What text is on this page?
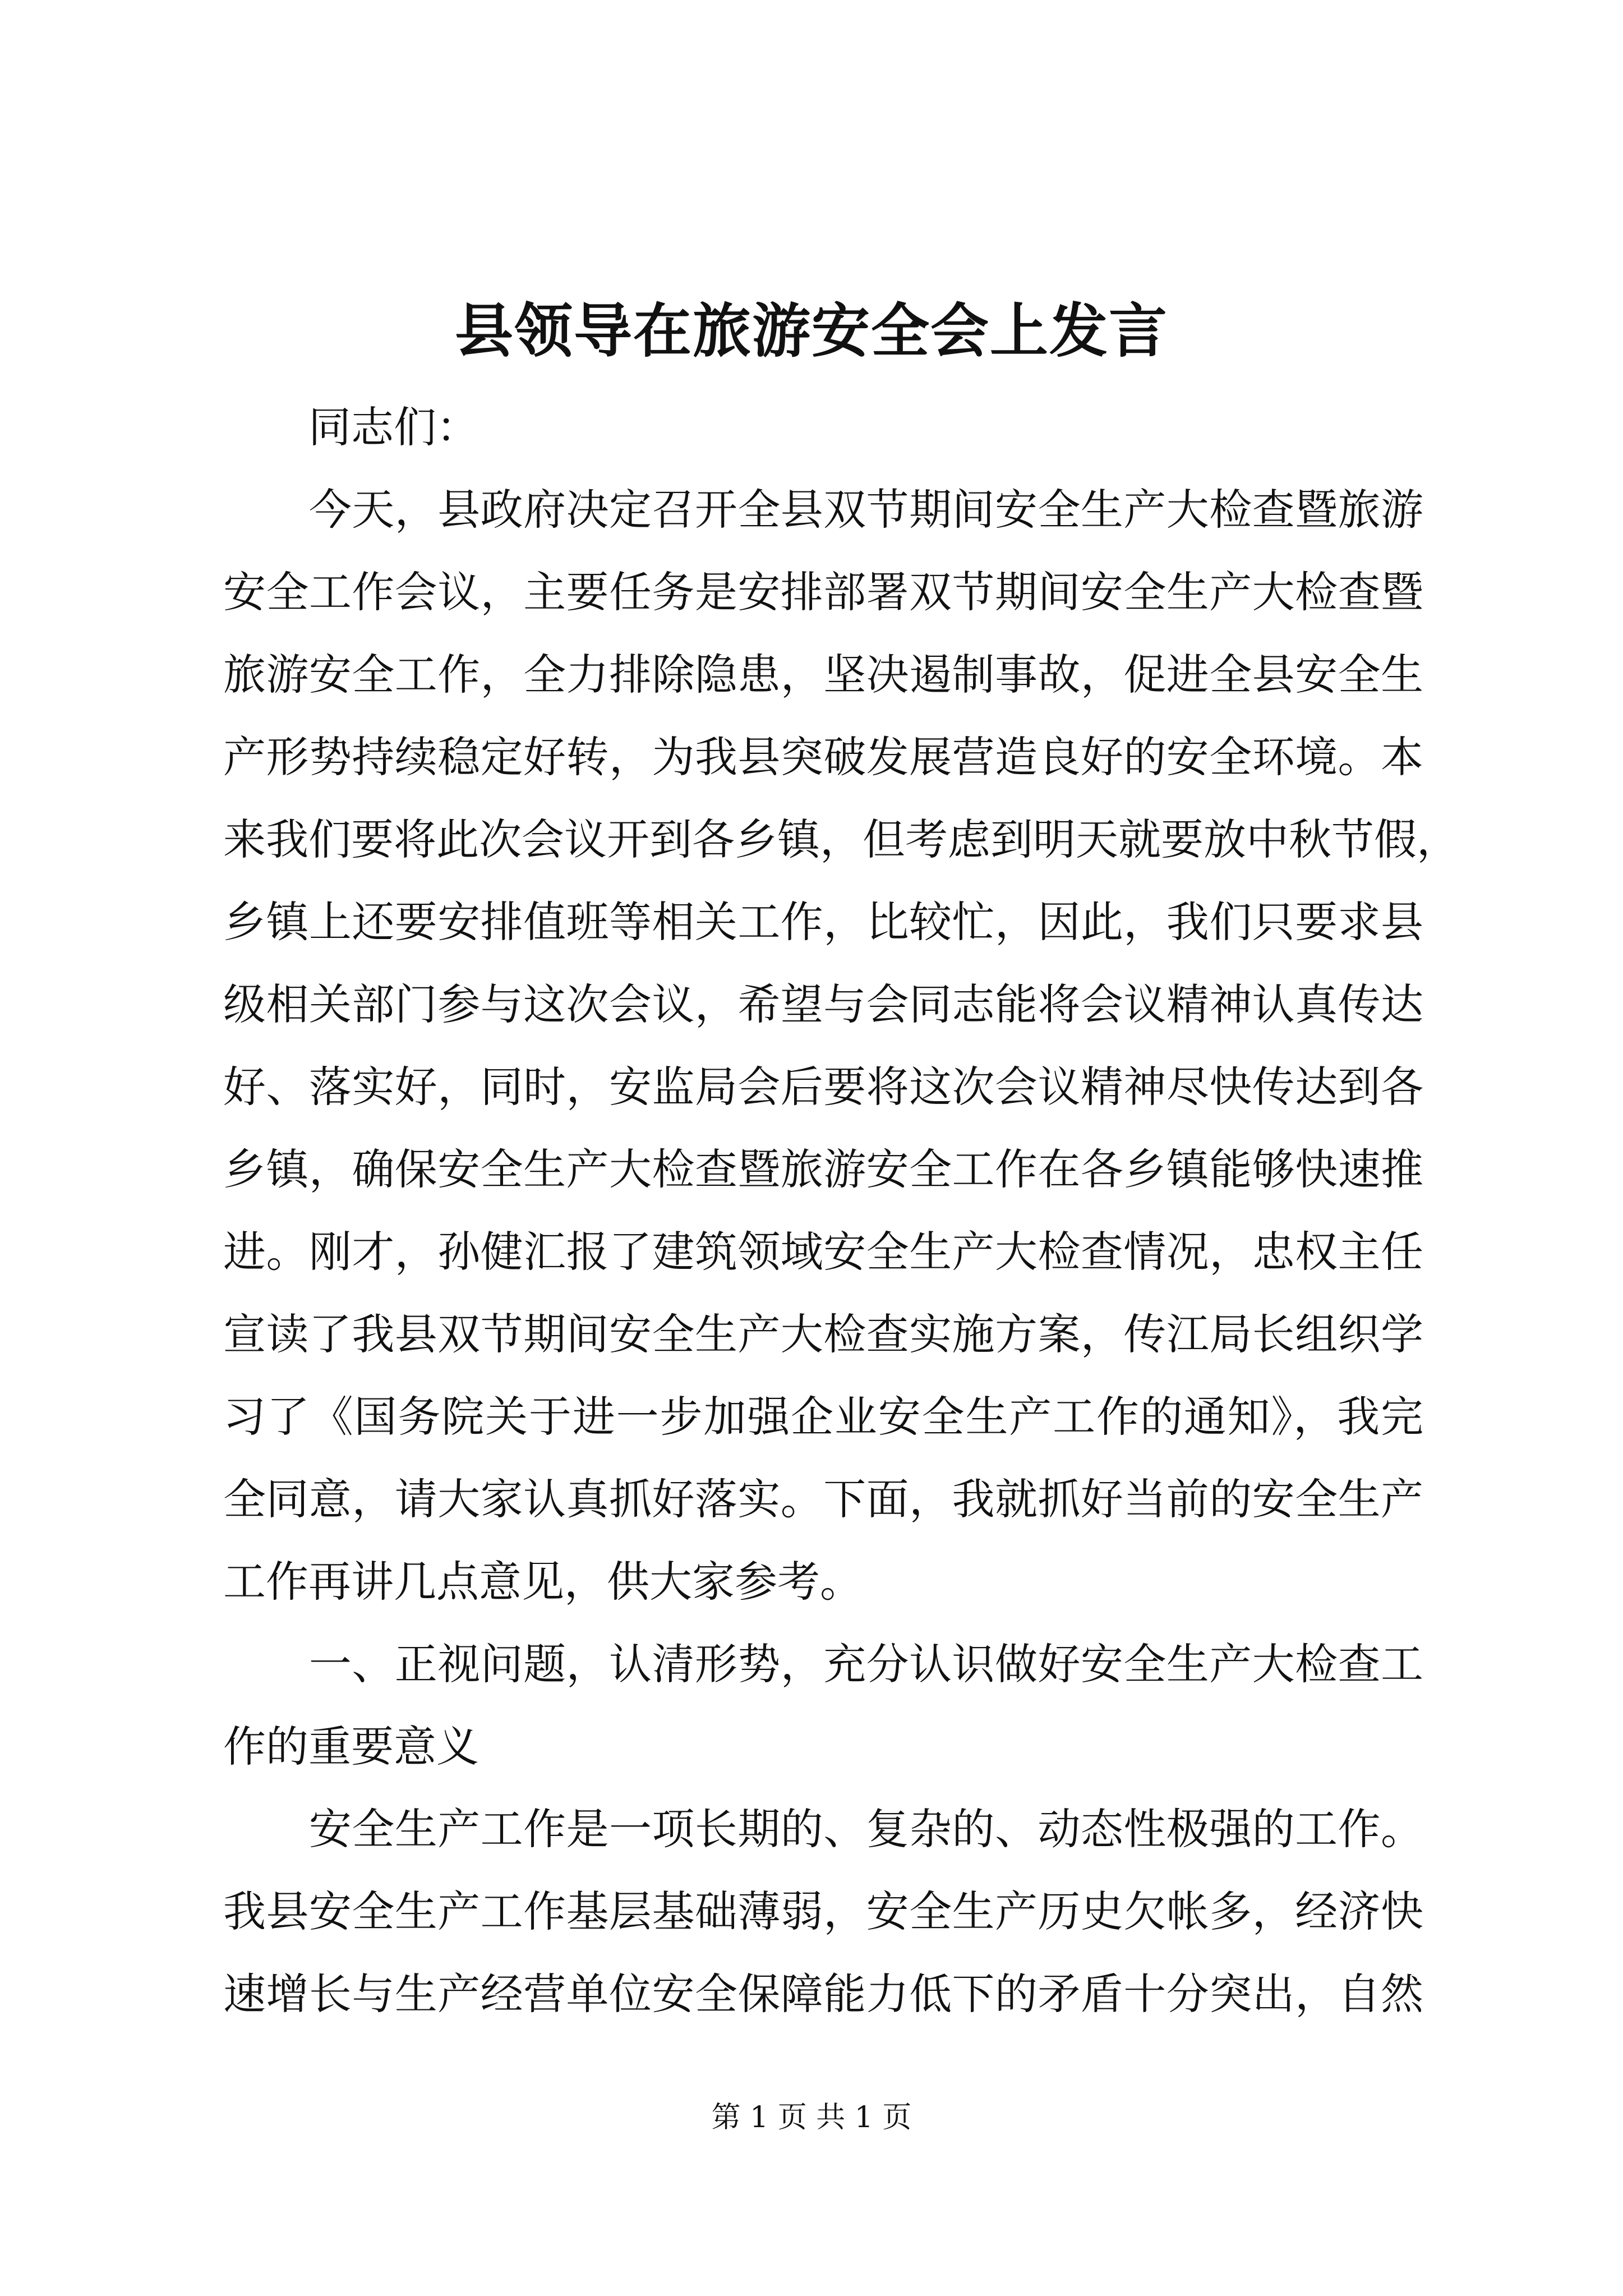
县领导在旅游安全会上发言

　　同志们：

　　今天，县政府决定召开全县双节期间安全生产大检查暨旅游

安全工作会议，主要任务是安排部署双节期间安全生产大检查暨

旅游安全工作，全力排除隐患，坚决遏制事故，促进全县安全生

产形势持续稳定好转，为我县突破发展营造良好的安全环境。本

来我们要将此次会议开到各乡镇，但考虑到明天就要放中秋节假，

乡镇上还要安排值班等相关工作，比较忙，因此，我们只要求县

级相关部门参与这次会议，希望与会同志能将会议精神认真传达

好、落实好，同时，安监局会后要将这次会议精神尽快传达到各

乡镇，确保安全生产大检查暨旅游安全工作在各乡镇能够快速推

进。刚才，孙健汇报了建筑领域安全生产大检查情况，忠权主任

宣读了我县双节期间安全生产大检查实施方案，传江局长组织学

习了《国务院关于进一步加强企业安全生产工作的通知》，我完

全同意，请大家认真抓好落实。下面，我就抓好当前的安全生产

工作再讲几点意见，供大家参考。

　　一、正视问题，认清形势，充分认识做好安全生产大检查工

作的重要意义

　　安全生产工作是一项长期的、复杂的、动态性极强的工作。

我县安全生产工作基层基础薄弱，安全生产历史欠帐多，经济快

速增长与生产经营单位安全保障能力低下的矛盾十分突出，自然

第 1 页 共 1 页
